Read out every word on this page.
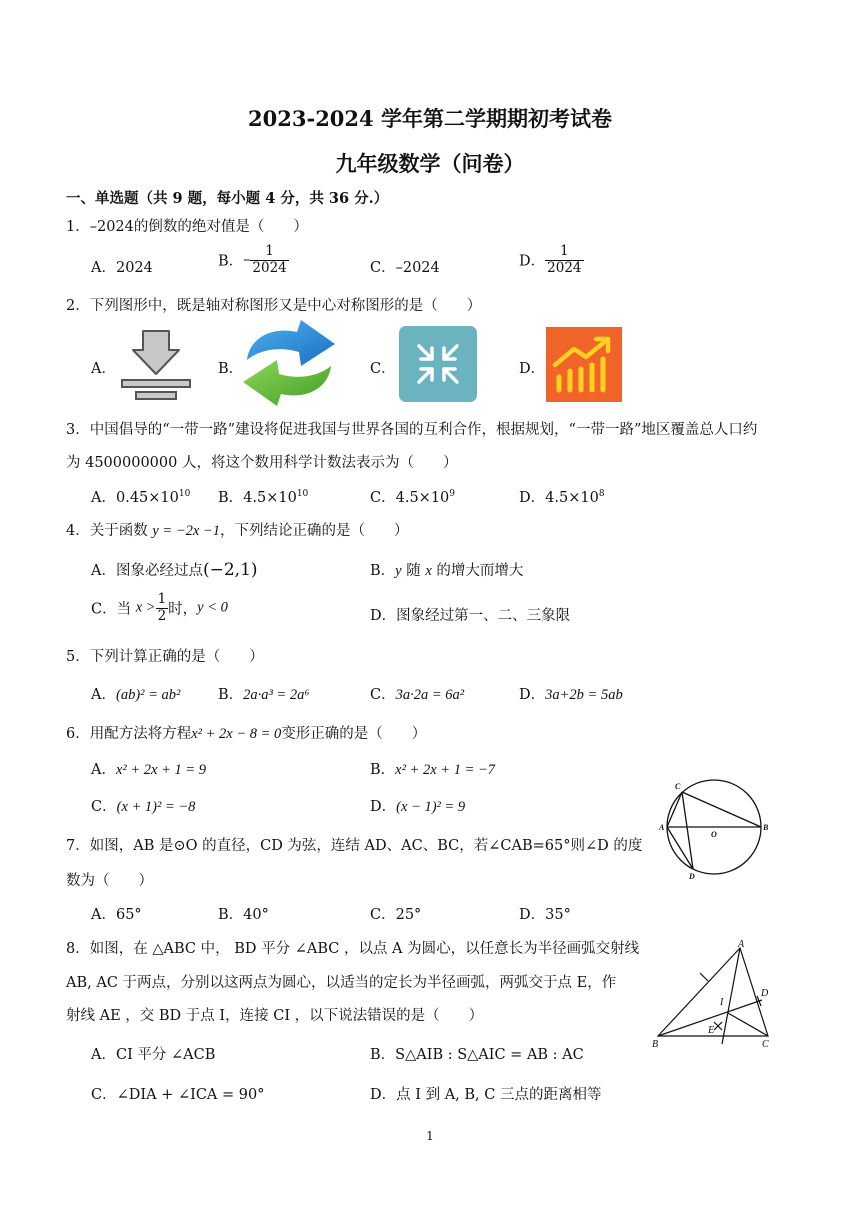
2023-2024 学年第二学期期初考试卷
九年级数学（问卷）
一、单选题（共 9 题，每小题 4 分，共 36 分.）
1．–2024的倒数的绝对值是（　　）
A．2024	B．– $\frac{1}{2024}$	C．–2024	D． $\frac{1}{2024}$
2．下列图形中，既是轴对称图形又是中心对称图形的是（　　）
A．	B．	C．	D．
3．中国倡导的“一带一路”建设将促进我国与世界各国的互利合作，根据规划，“一带一路”地区覆盖总人口约
为 4500000000 人，将这个数用科学计数法表示为（　　）
A．$0.45\times 10^{10}$ B．$4.5\times 10^{10}$	C．$4.5\times 10^9$	D．$4.5\times 10^8$
4．关于函数 y = −2x −1，下列结论正确的是（　　）
A．图象必经过点(−2,1)	B．y 随 x 的增大而增大
C．当 $x > \frac{1}{2}$ 时，y < 0
D．图象经过第一、二、三象限
5．下列计算正确的是（　　）
A．(ab)² = ab²	B．2a·a³ = 2a⁶	C．3a·2a = 6a²	D．3a+2b = 5ab
6．用配方法将方程x² + 2x − 8 = 0变形正确的是（　　）
A．x² + 2x + 1 = 9	B．x² + 2x + 1 = −7
C．(x + 1)² = −8	D．(x − 1)² = 9
C
A
O
B
D
7．如图，AB 是⊙O 的直径，CD 为弦，连结 AD、AC、BC，若∠CAB=65°则∠D 的度
数为（　　）
A．65°	B．40°	C．25°	D．35°
A
B	C
D
E
I
8．如图，在 △ABC 中， BD 平分 ∠ABC ，以点 A 为圆心，以任意长为半径画弧交射线
AB, AC 于两点，分别以这两点为圆心，以适当的定长为半径画弧，两弧交于点 E，作
射线 AE ，交 BD 于点 I，连接 CI ，以下说法错误的是（　　）
A．CI 平分 ∠ACB	B．S△AIB : S△AIC = AB : AC
C．∠DIA + ∠ICA = 90°	D．点 I 到 A, B, C 三点的距离相等
1
